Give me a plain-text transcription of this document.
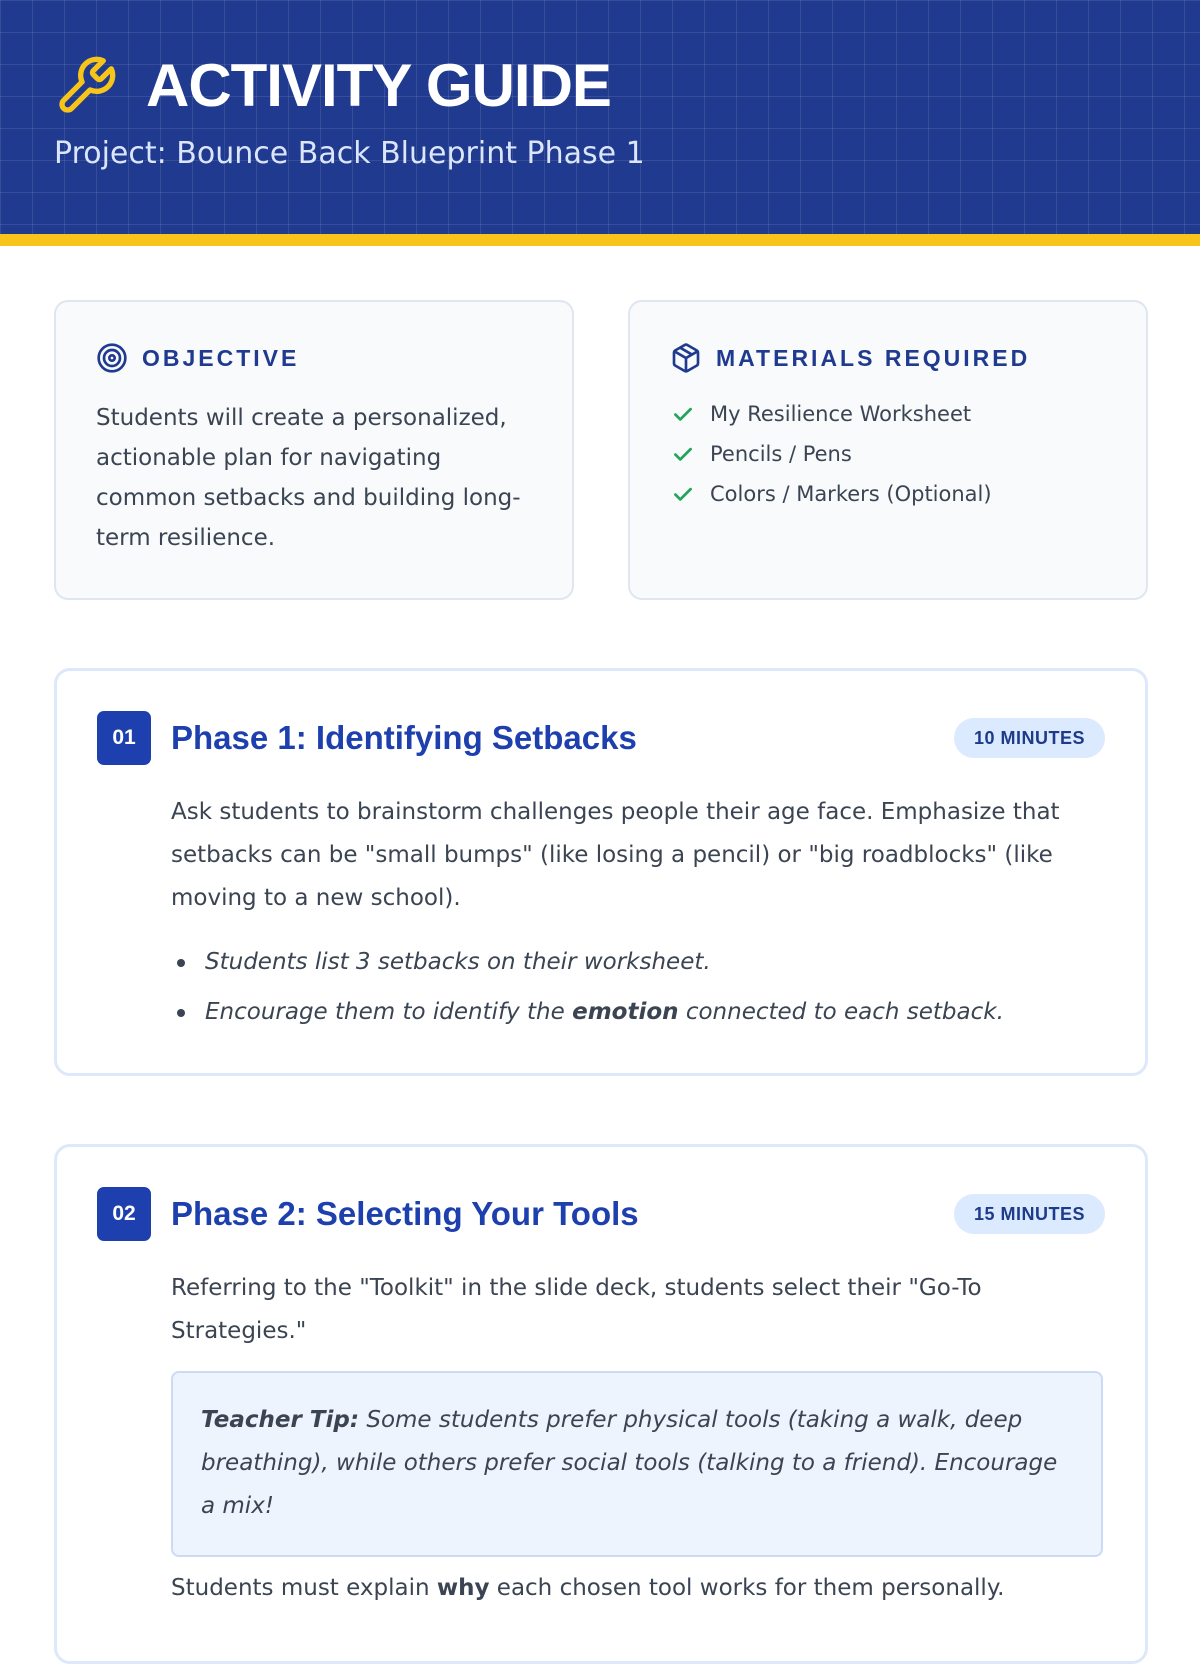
ACTIVITY GUIDE
Project: Bounce Back Blueprint Phase 1
OBJECTIVE
Students will create a personalized, actionable plan for navigating common setbacks and building long-term resilience.
MATERIALS REQUIRED
My Resilience Worksheet
Pencils / Pens
Colors / Markers (Optional)
01	Phase 1: Identifying Setbacks	10 MINUTES
Ask students to brainstorm challenges people their age face. Emphasize that setbacks can be "small bumps" (like losing a pencil) or "big roadblocks" (like moving to a new school).
Students list 3 setbacks on their worksheet.
Encourage them to identify the emotion connected to each setback.
02	Phase 2: Selecting Your Tools	15 MINUTES
Referring to the "Toolkit" in the slide deck, students select their "Go-To Strategies."
Teacher Tip: Some students prefer physical tools (taking a walk, deep breathing), while others prefer social tools (talking to a friend). Encourage a mix!
Students must explain why each chosen tool works for them personally.
